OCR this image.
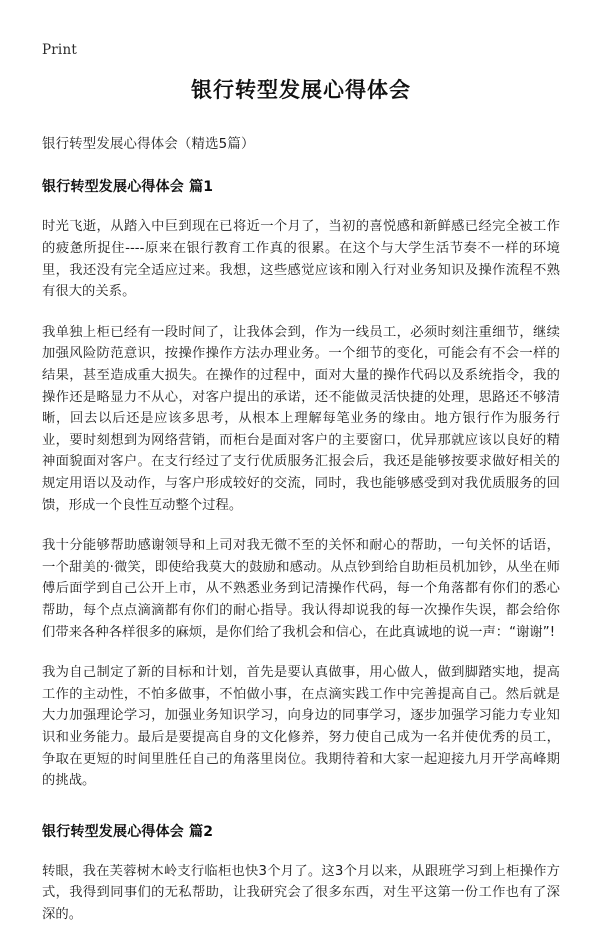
Print
银行转型发展心得体会

银行转型发展心得体会（精选5篇）

银行转型发展心得体会 篇1

时光飞逝，从踏入中巨到现在已将近一个月了，当初的喜悦感和新鲜感已经完全被工作的疲惫所捉住----原来在银行教育工作真的很累。在这个与大学生活节奏不一样的环境里，我还没有完全适应过来。我想，这些感觉应该和刚入行对业务知识及操作流程不熟有很大的关系。

我单独上柜已经有一段时间了，让我体会到，作为一线员工，必须时刻注重细节，继续加强风险防范意识，按操作操作方法办理业务。一个细节的变化，可能会有不会一样的结果，甚至造成重大损失。在操作的过程中，面对大量的操作代码以及系统指令，我的操作还是略显力不从心，对客户提出的承诺，还不能做灵活快捷的处理，思路还不够清晰，回去以后还是应该多思考，从根本上理解每笔业务的缘由。地方银行作为服务行业，要时刻想到为网络营销，而柜台是面对客户的主要窗口，优异那就应该以良好的精神面貌面对客户。在支行经过了支行优质服务汇报会后，我还是能够按要求做好相关的规定用语以及动作，与客户形成较好的交流，同时，我也能够感受到对我优质服务的回馈，形成一个良性互动整个过程。

我十分能够帮助感谢领导和上司对我无微不至的关怀和耐心的帮助，一句关怀的话语，一个甜美的·微笑，即使给我莫大的鼓励和感动。从点钞到给自助柜员机加钞，从坐在师傅后面学到自己公开上市，从不熟悉业务到记清操作代码，每一个角落都有你们的悉心帮助，每个点点滴滴都有你们的耐心指导。我认得却说我的每一次操作失误，都会给你们带来各种各样很多的麻烦，是你们给了我机会和信心，在此真诚地的说一声：“谢谢”!

我为自己制定了新的目标和计划，首先是要认真做事，用心做人，做到脚踏实地，提高工作的主动性，不怕多做事，不怕做小事，在点滴实践工作中完善提高自己。然后就是大力加强理论学习，加强业务知识学习，向身边的同事学习，逐步加强学习能力专业知识和业务能力。最后是要提高自身的文化修养，努力使自己成为一名并使优秀的员工，争取在更短的时间里胜任自己的角落里岗位。我期待着和大家一起迎接九月开学高峰期的挑战。

银行转型发展心得体会 篇2

转眼，我在芙蓉树木岭支行临柜也快3个月了。这3个月以来，从跟班学习到上柜操作方式，我得到同事们的无私帮助，让我研究会了很多东西，对生平这第一份工作也有了深深的。
